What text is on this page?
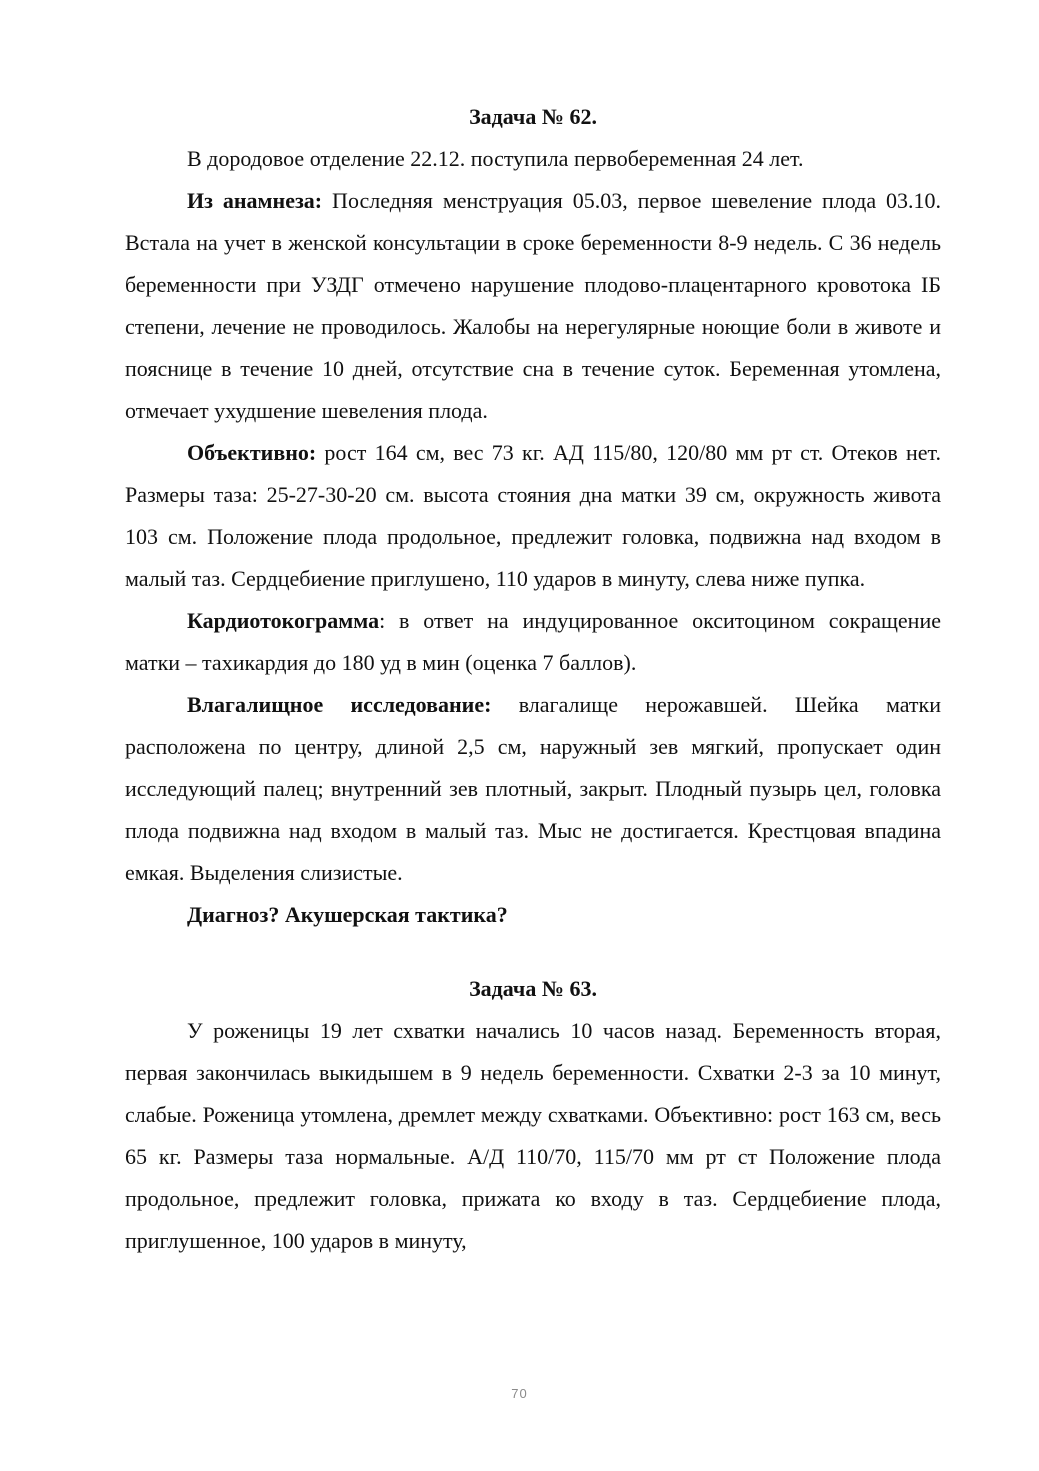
Задача № 62.

В дородовое отделение 22.12. поступила первобеременная 24 лет.

Из анамнеза: Последняя менструация 05.03, первое шевеление плода 03.10. Встала на учет в женской консультации в сроке беременности 8-9 недель. С 36 недель беременности при УЗДГ отмечено нарушение плодово-плацентарного кровотока IБ степени, лечение не проводилось. Жалобы на нерегулярные ноющие боли в животе и пояснице в течение 10 дней, отсутствие сна в течение суток. Беременная утомлена, отмечает ухудшение шевеления плода.

Объективно: рост 164 см, вес 73 кг. АД 115/80, 120/80 мм рт ст. Отеков нет. Размеры таза: 25-27-30-20 см. высота стояния дна матки 39 см, окружность живота 103 см. Положение плода продольное, предлежит головка, подвижна над входом в малый таз. Сердцебиение приглушено, 110 ударов в минуту, слева ниже пупка.

Кардиотокограмма: в ответ на индуцированное окситоцином сокращение матки – тахикардия до 180 уд в мин (оценка 7 баллов).

Влагалищное исследование: влагалище нерожавшей. Шейка матки расположена по центру, длиной 2,5 см, наружный зев мягкий, пропускает один исследующий палец; внутренний зев плотный, закрыт. Плодный пузырь цел, головка плода подвижна над входом в малый таз. Мыс не достигается. Крестцовая впадина емкая. Выделения слизистые.

Диагноз? Акушерская тактика?

Задача № 63.

У роженицы 19 лет схватки начались 10 часов назад. Беременность вторая, первая закончилась выкидышем в 9 недель беременности. Схватки 2-3 за 10 минут, слабые. Роженица утомлена, дремлет между схватками. Объективно: рост 163 см, весь 65 кг. Размеры таза нормальные. А/Д 110/70, 115/70 мм рт ст Положение плода продольное, предлежит головка, прижата ко входу в таз. Сердцебиение плода, приглушенное, 100 ударов в минуту,

70
